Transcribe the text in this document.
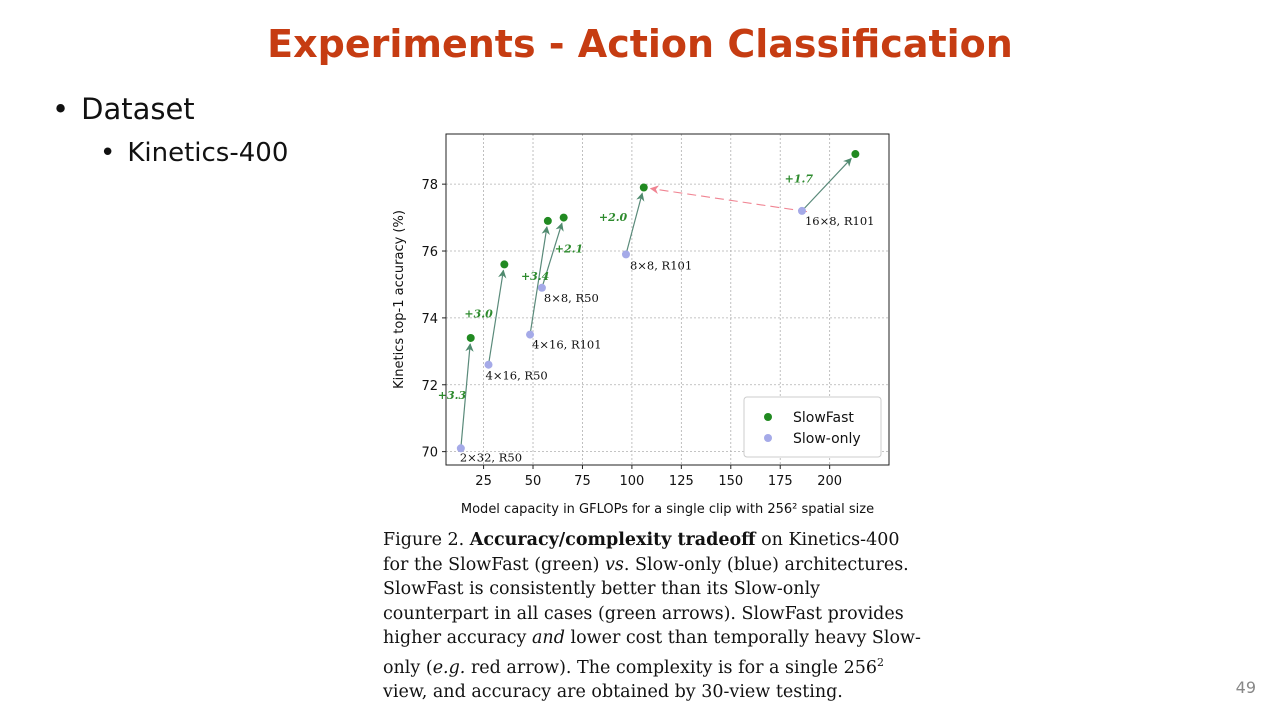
Experiments - Action Classification
• Dataset
• Kinetics-400
25	50	75 100 125 150 175 200
70
72
74
76
78
2×32, R50
4×16, R50
4×16, R101
8×8, R50
8×8, R101
16×8, R101
+3.3
+3.0
+3.4
+2.1
+2.0
+1.7
Kinetics top-1 accuracy (%)
Model capacity in GFLOPs for a single clip with 256² spatial size
SlowFast
Slow-only
Figure 2. Accuracy/complexity tradeoff on Kinetics-400 for the SlowFast (green) vs. Slow-only (blue) architectures. SlowFast is consistently better than its Slow-only counterpart in all cases (green arrows). SlowFast provides higher accuracy and lower cost than temporally heavy Slow-only (e.g. red arrow). The complexity is for a single $256^2$ view, and accuracy are obtained by 30-view testing.	49
